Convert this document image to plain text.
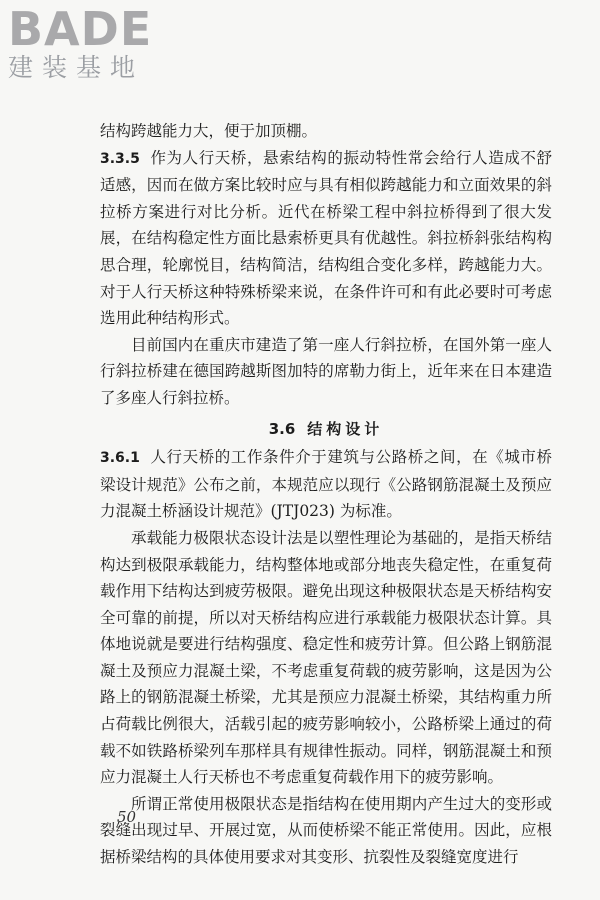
BADE
建装基地

结构跨越能力大，便于加顶棚。

3.3.5 作为人行天桥，悬索结构的振动特性常会给行人造成不舒适感，因而在做方案比较时应与具有相似跨越能力和立面效果的斜拉桥方案进行对比分析。近代在桥梁工程中斜拉桥得到了很大发展，在结构稳定性方面比悬索桥更具有优越性。斜拉桥斜张结构构思合理，轮廓悦目，结构简洁，结构组合变化多样，跨越能力大。对于人行天桥这种特殊桥梁来说，在条件许可和有此必要时可考虑选用此种结构形式。

目前国内在重庆市建造了第一座人行斜拉桥，在国外第一座人行斜拉桥建在德国跨越斯图加特的席勒力街上，近年来在日本建造了多座人行斜拉桥。

3.6 结构设计

3.6.1 人行天桥的工作条件介于建筑与公路桥之间，在《城市桥梁设计规范》公布之前，本规范应以现行《公路钢筋混凝土及预应力混凝土桥涵设计规范》(JTJ023) 为标准。

承载能力极限状态设计法是以塑性理论为基础的，是指天桥结构达到极限承载能力，结构整体地或部分地丧失稳定性，在重复荷载作用下结构达到疲劳极限。避免出现这种极限状态是天桥结构安全可靠的前提，所以对天桥结构应进行承载能力极限状态计算。具体地说就是要进行结构强度、稳定性和疲劳计算。但公路上钢筋混凝土及预应力混凝土梁，不考虑重复荷载的疲劳影响，这是因为公路上的钢筋混凝土桥梁，尤其是预应力混凝土桥梁，其结构重力所占荷载比例很大，活载引起的疲劳影响较小，公路桥梁上通过的荷载不如铁路桥梁列车那样具有规律性振动。同样，钢筋混凝土和预应力混凝土人行天桥也不考虑重复荷载作用下的疲劳影响。

所谓正常使用极限状态是指结构在使用期内产生过大的变形或裂缝出现过早、开展过宽，从而使桥梁不能正常使用。因此，应根据桥梁结构的具体使用要求对其变形、抗裂性及裂缝宽度进行

50
